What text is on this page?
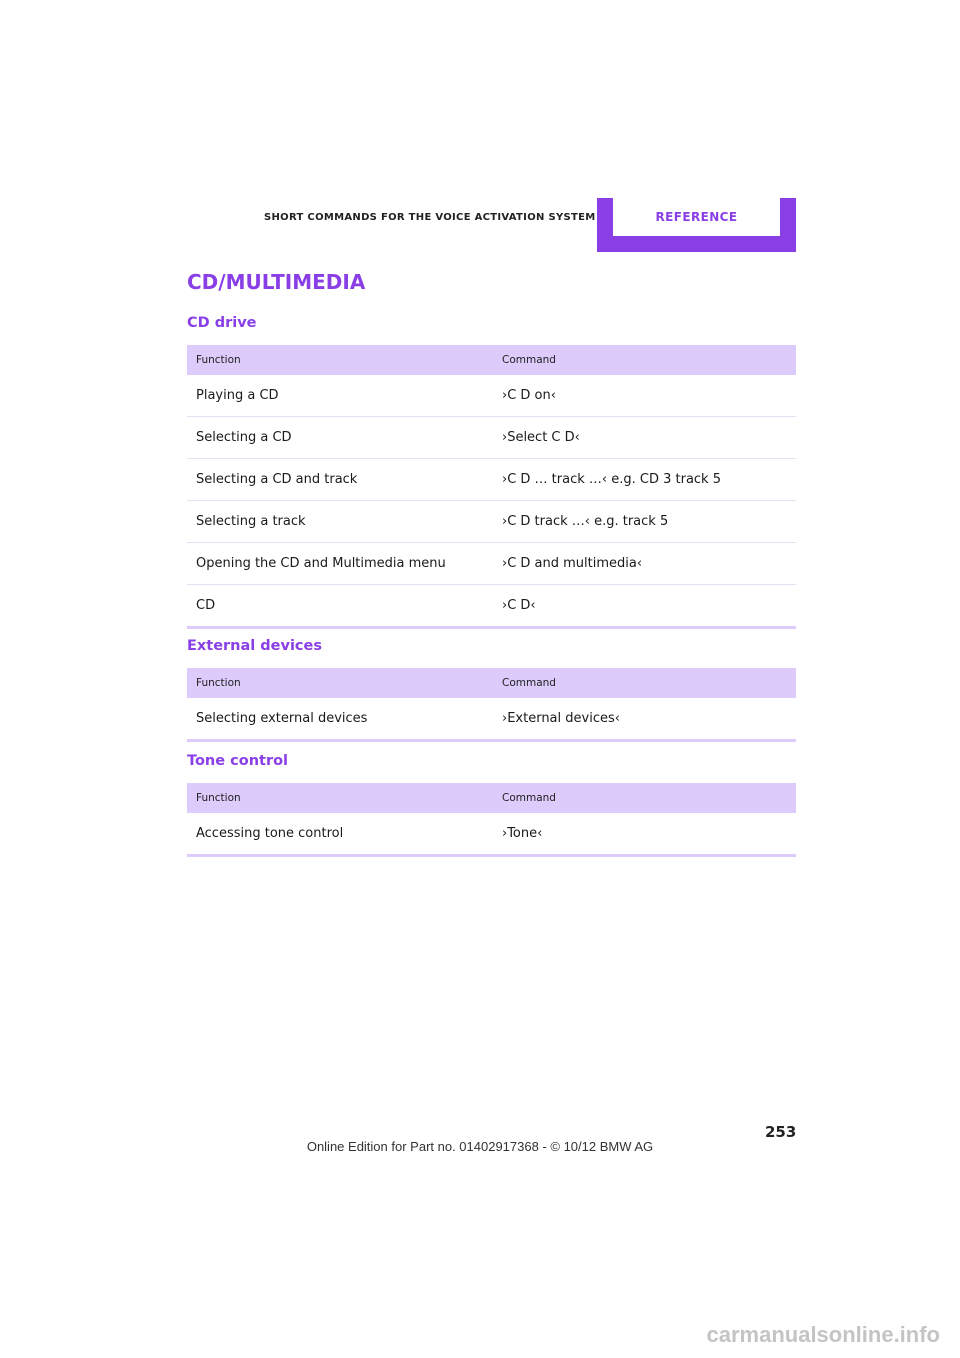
SHORT COMMANDS FOR THE VOICE ACTIVATION SYSTEM	REFERENCE
CD/MULTIMEDIA
CD drive
Function	Command
Playing a CD	›C D on‹
Selecting a CD	›Select C D‹
Selecting a CD and track	›C D … track …‹ e.g. CD 3 track 5
Selecting a track	›C D track …‹ e.g. track 5
Opening the CD and Multimedia menu	›C D and multimedia‹
CD	›C D‹
External devices
Function	Command
Selecting external devices	›External devices‹
Tone control
Function	Command
Accessing tone control	›Tone‹
253
Online Edition for Part no. 01402917368 - © 10/12 BMW AG
carmanualsonline.info
